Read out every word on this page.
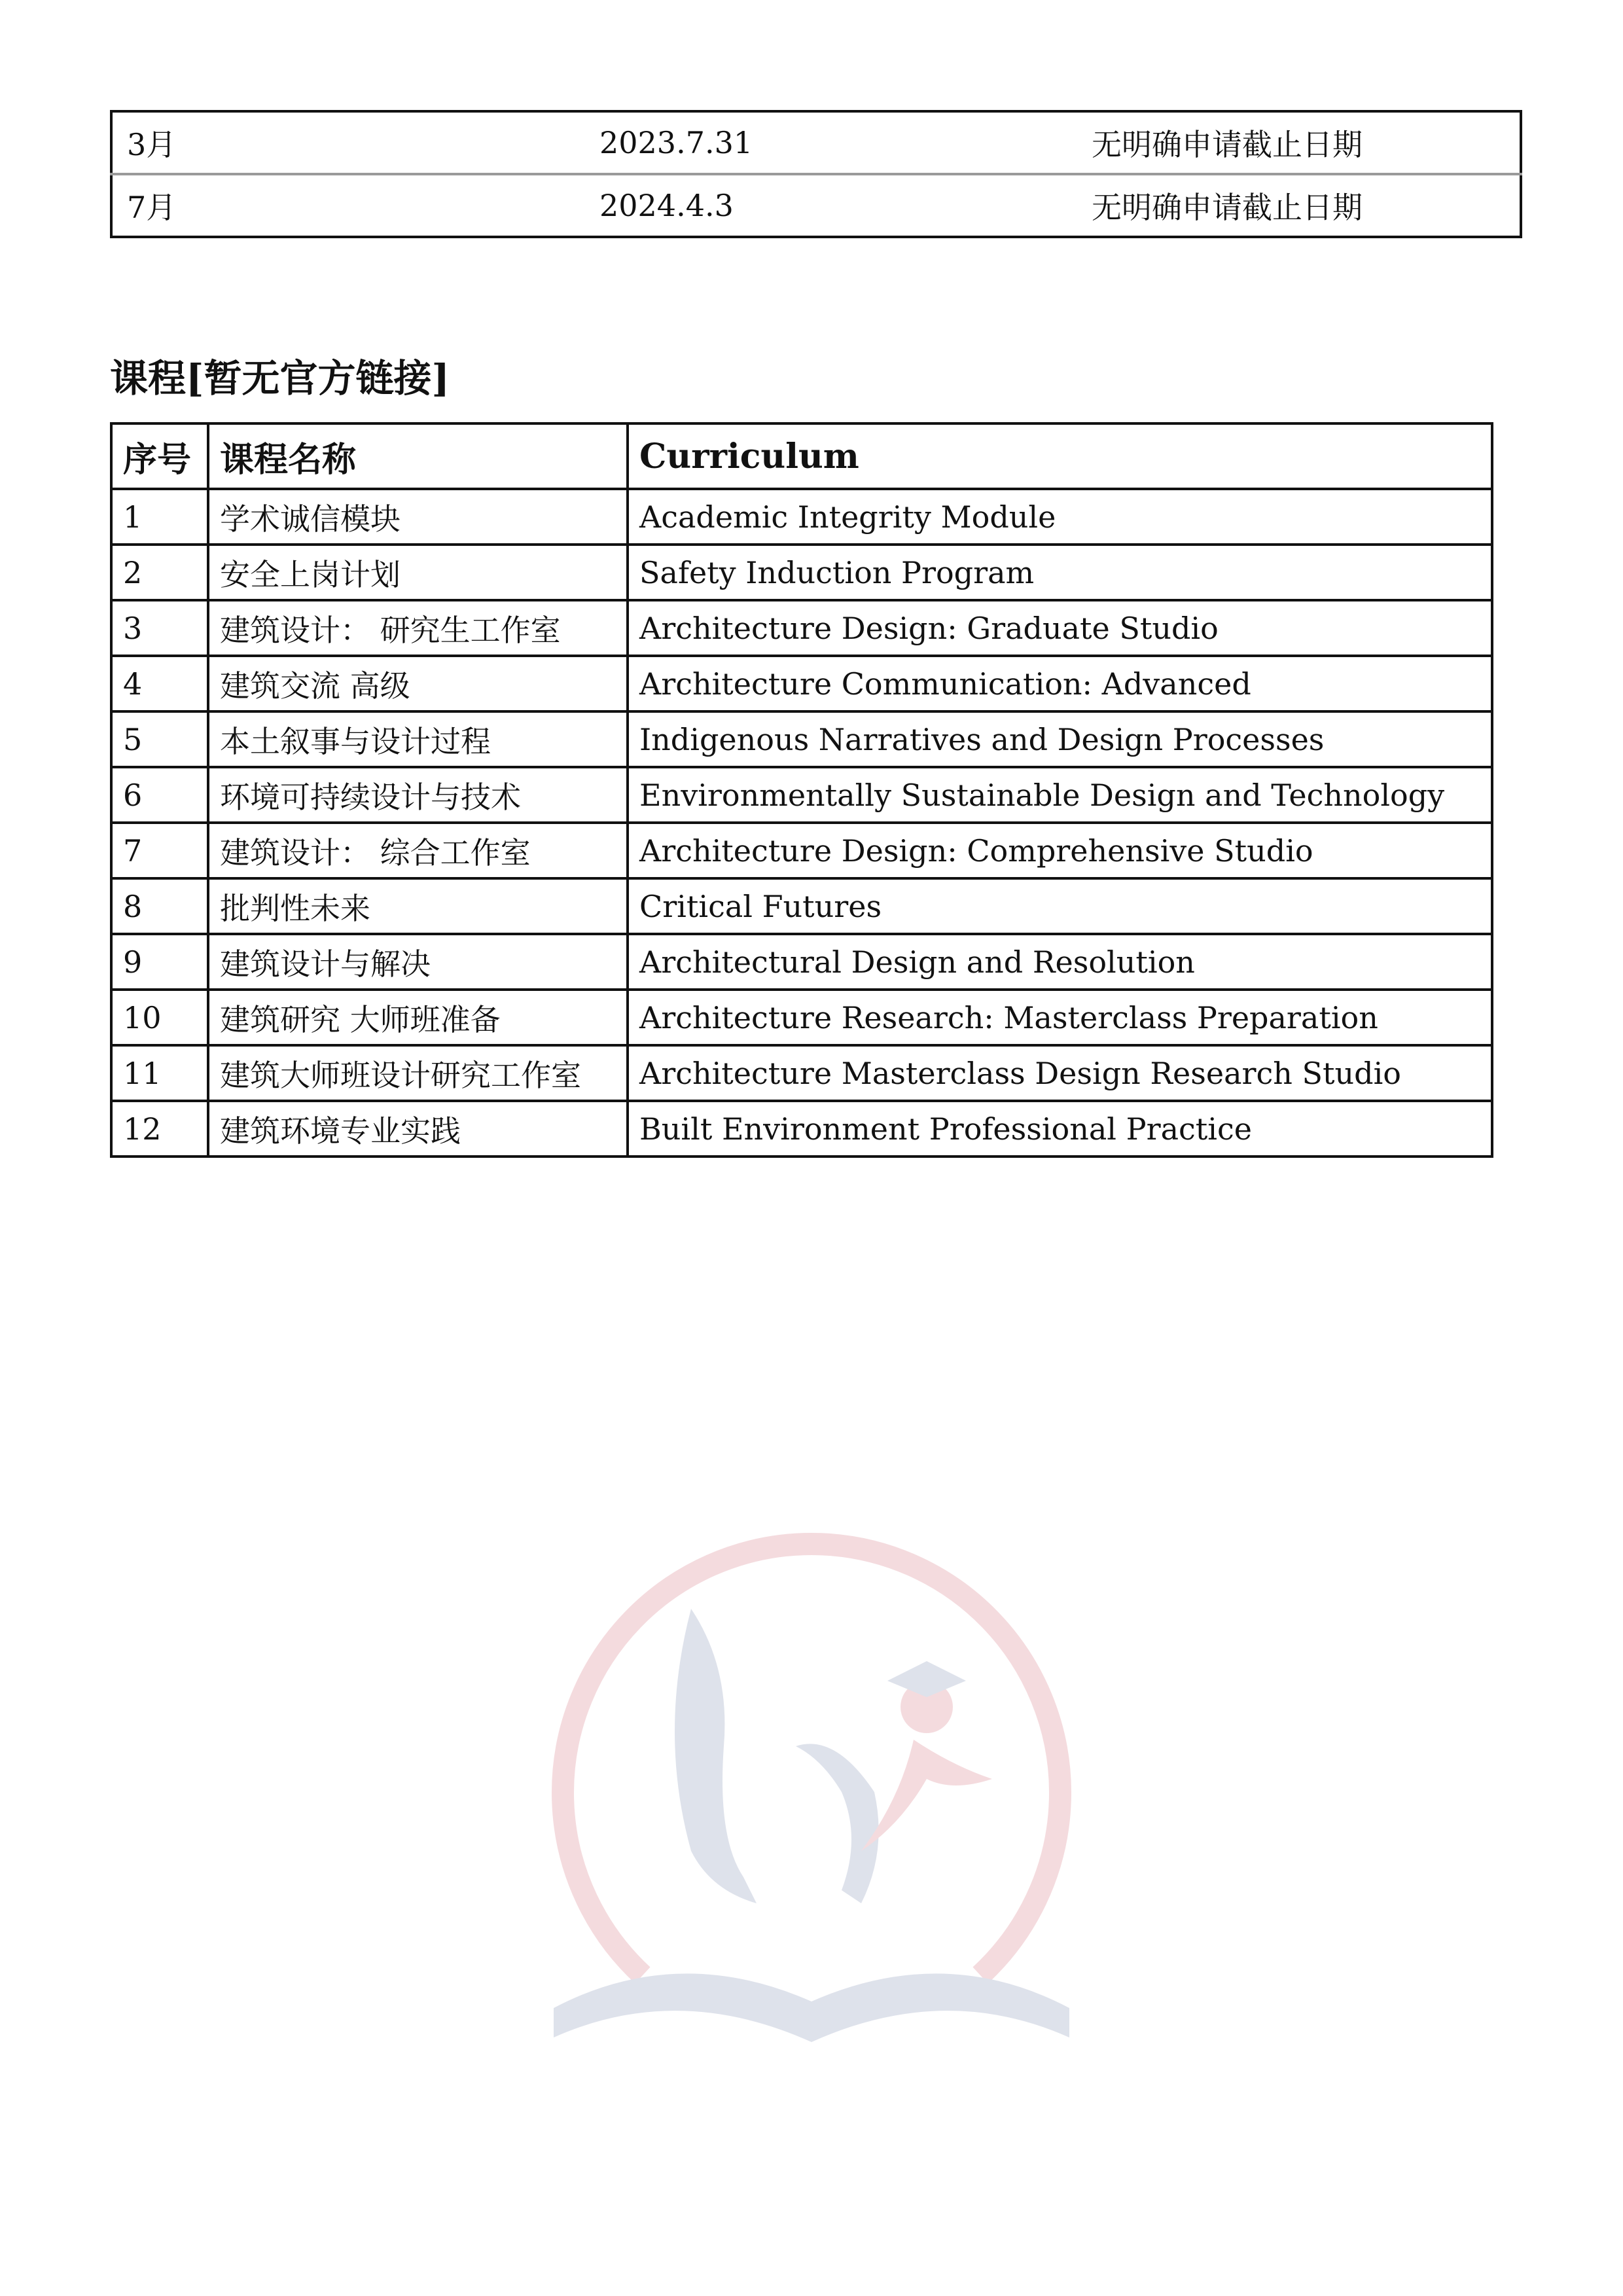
3月	2023.7.31	无明确申请截止日期
7月	2024.4.3	无明确申请截止日期
课程[暂无官方链接]
序号	课程名称	Curriculum
1	学术诚信模块	Academic Integrity Module
2	安全上岗计划	Safety Induction Program
3	建筑设计： 研究生工作室	Architecture Design: Graduate Studio
4	建筑交流 高级	Architecture Communication: Advanced
5	本土叙事与设计过程	Indigenous Narratives and Design Processes
6	环境可持续设计与技术	Environmentally Sustainable Design and Technology
7	建筑设计： 综合工作室	Architecture Design: Comprehensive Studio
8	批判性未来	Critical Futures
9	建筑设计与解决	Architectural Design and Resolution
10	建筑研究 大师班准备	Architecture Research: Masterclass Preparation
11	建筑大师班设计研究工作室	Architecture Masterclass Design Research Studio
12	建筑环境专业实践	Built Environment Professional Practice
